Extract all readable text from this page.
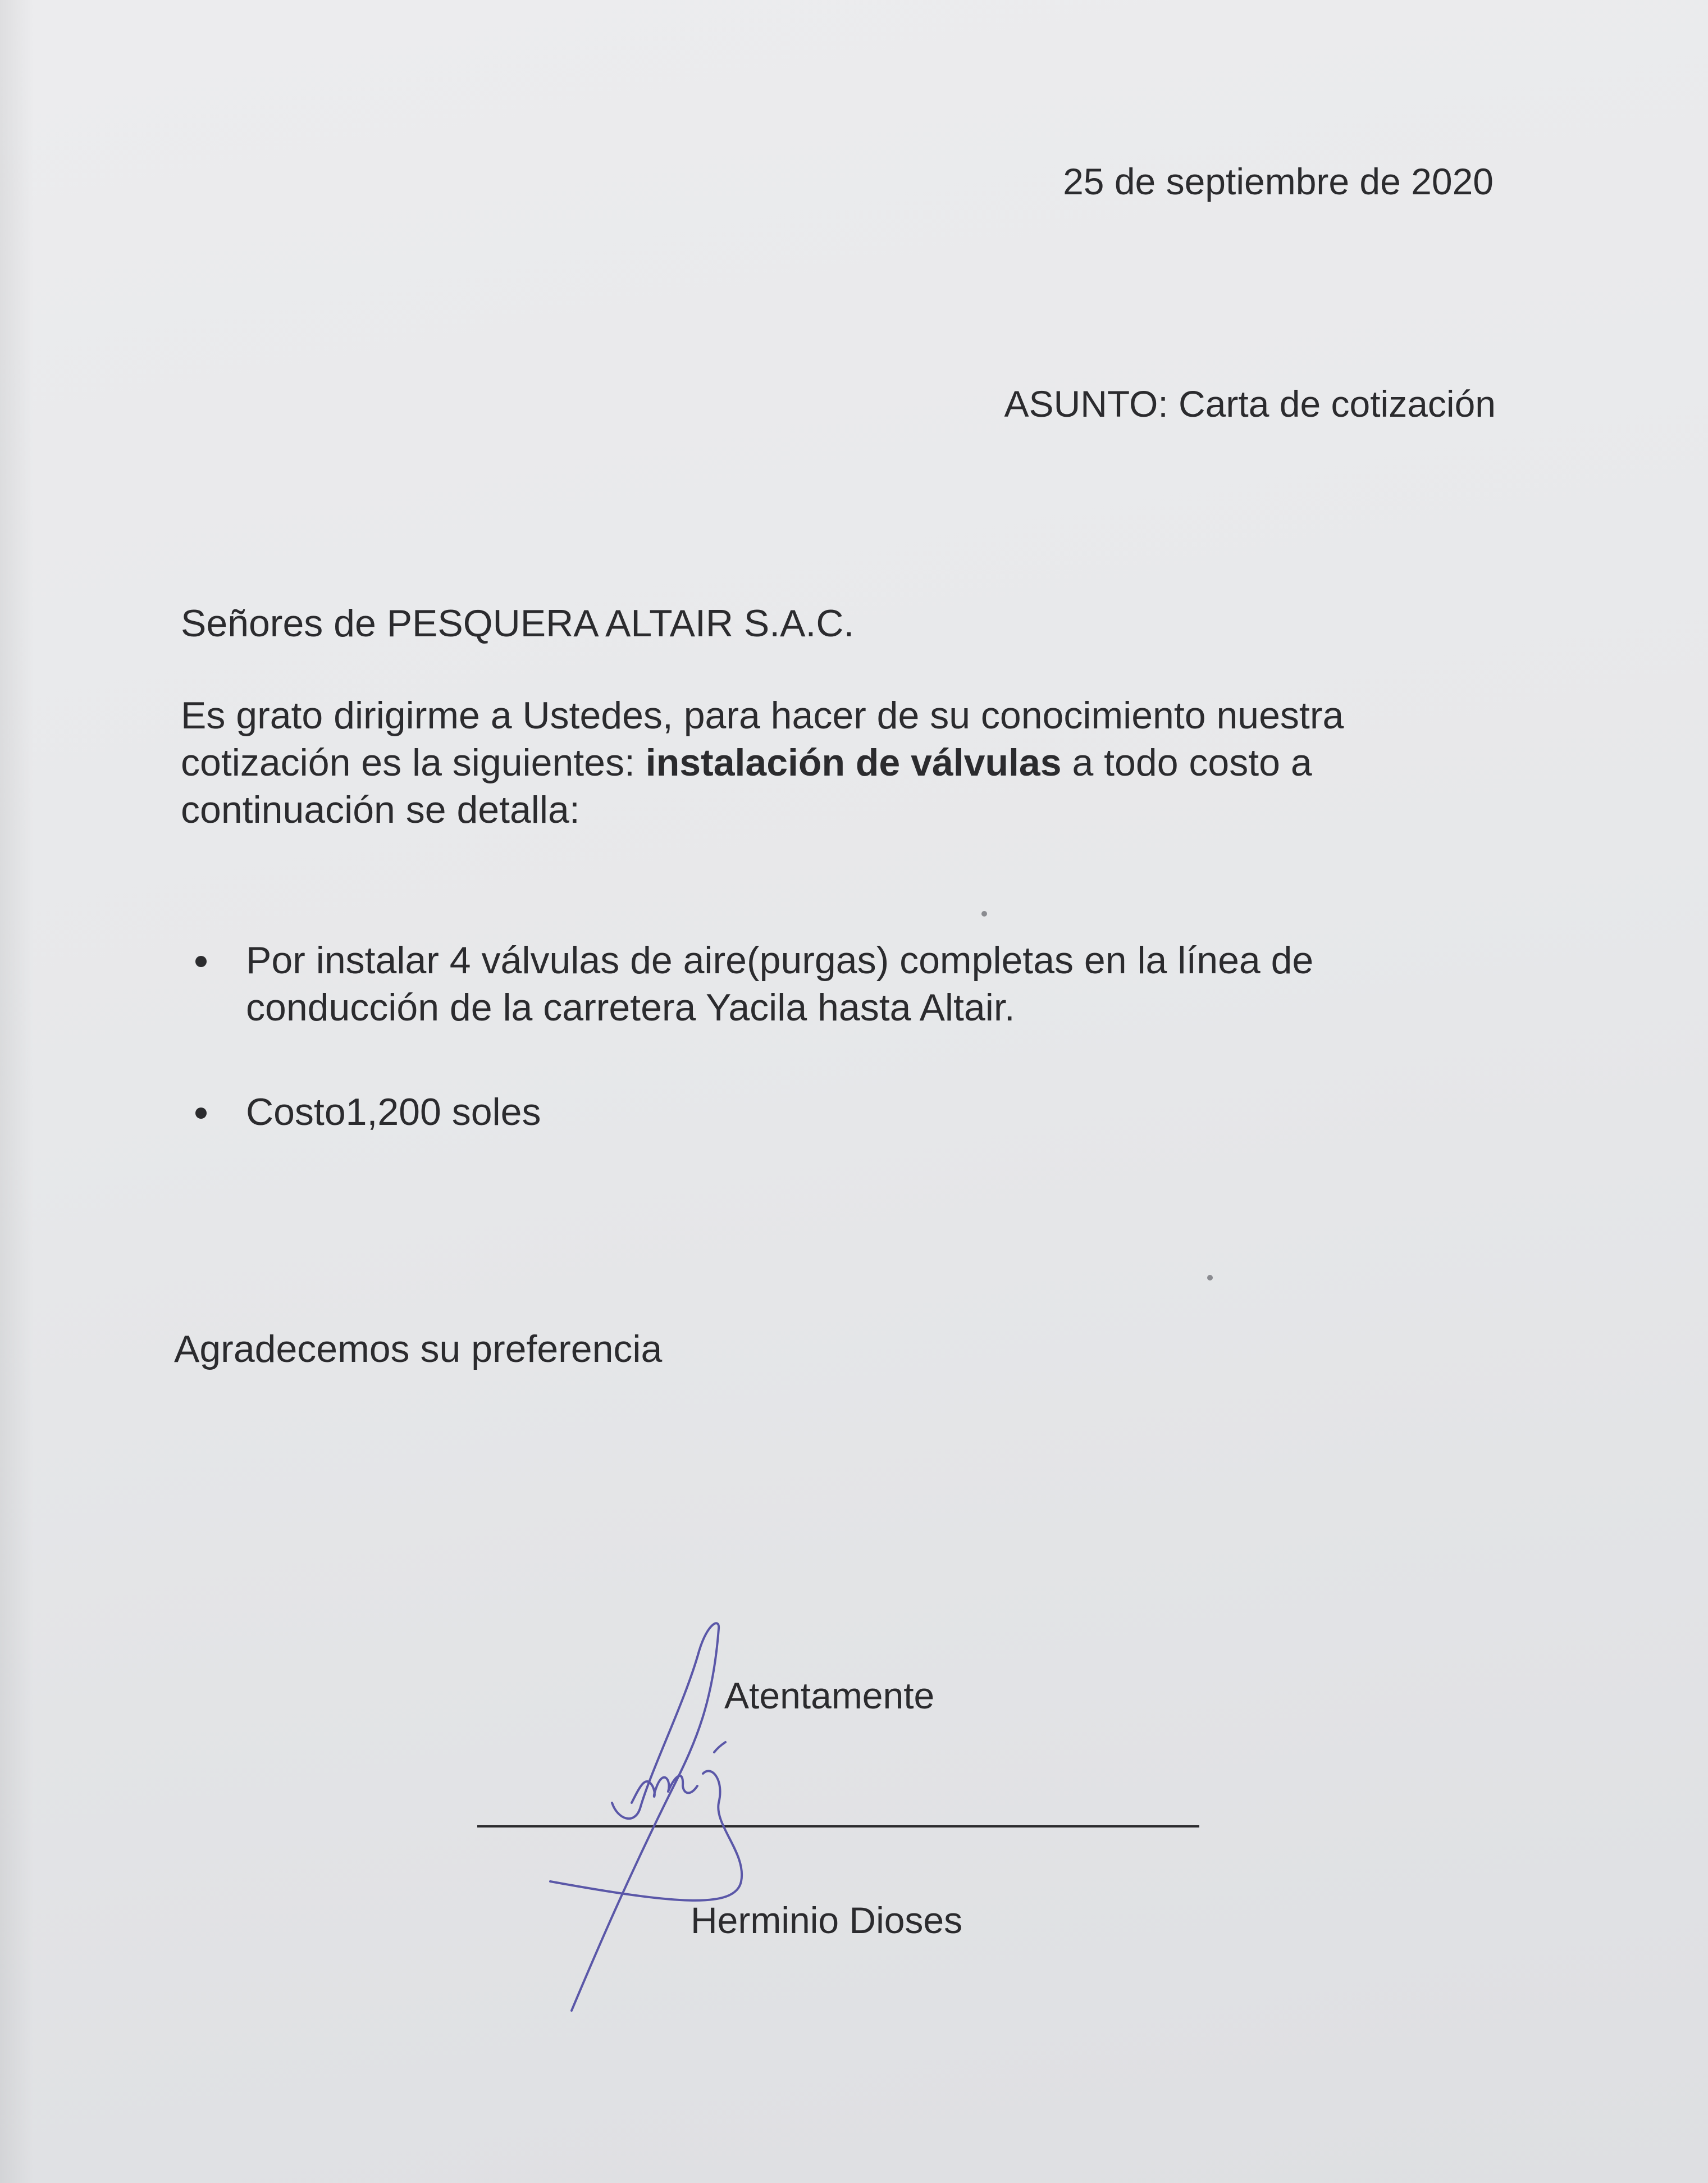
25 de septiembre de 2020
ASUNTO: Carta de cotización
Señores de PESQUERA ALTAIR S.A.C.
Es grato dirigirme a Ustedes, para hacer de su conocimiento nuestra cotización es la siguientes: instalación de válvulas a todo costo a continuación se detalla:
Por instalar 4 válvulas de aire(purgas) completas en la línea de conducción de la carretera Yacila hasta Altair.
Costo1,200 soles
Agradecemos su preferencia
Atentamente
Herminio Dioses
